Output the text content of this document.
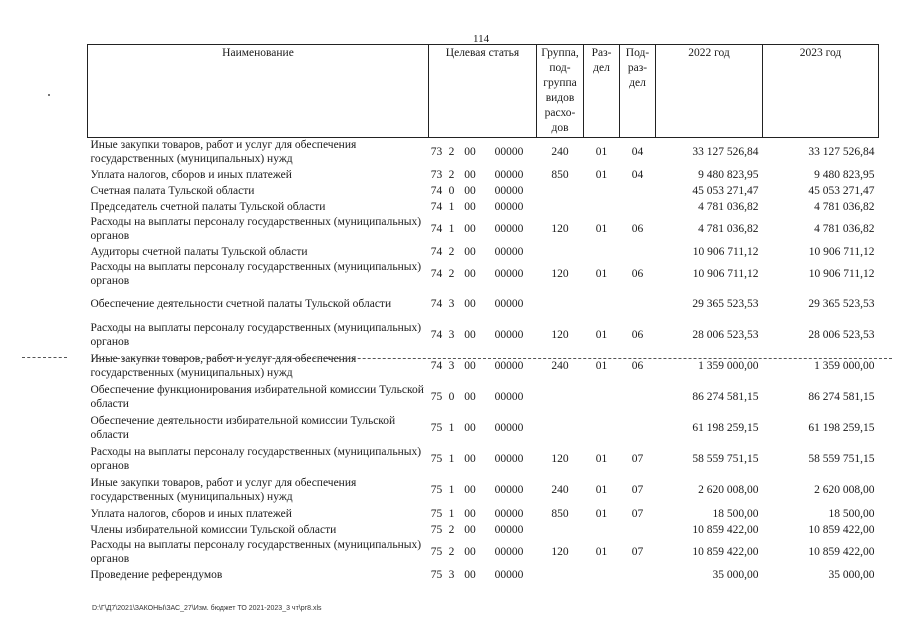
114
Наименование	Целевая статья				Группа, под-группа видов расхо-дов	Раз-дел	Под-раз-дел	2022 год	2023 год
Иные закупки товаров, работ и услуг для обеспечения государственных (муниципальных) нужд	73	2	00	00000	240	01	04	33 127 526,84	33 127 526,84
Уплата налогов, сборов и иных платежей	73	2	00	00000	850	01	04	9 480 823,95	9 480 823,95
Счетная палата Тульской области	74	0	00	00000				45 053 271,47	45 053 271,47
Председатель счетной палаты Тульской области	74	1	00	00000				4 781 036,82	4 781 036,82
Расходы на выплаты персоналу государственных (муниципальных) органов	74	1	00	00000	120	01	06	4 781 036,82	4 781 036,82
Аудиторы счетной палаты Тульской области	74	2	00	00000				10 906 711,12	10 906 711,12
Расходы на выплаты персоналу государственных (муниципальных) органов	74	2	00	00000	120	01	06	10 906 711,12	10 906 711,12
Обеспечение деятельности счетной палаты Тульской области	74	3	00	00000				29 365 523,53	29 365 523,53
Расходы на выплаты персоналу государственных (муниципальных) органов	74	3	00	00000	120	01	06	28 006 523,53	28 006 523,53
Иные закупки товаров, работ и услуг для обеспечения государственных (муниципальных) нужд	74	3	00	00000	240	01	06	1 359 000,00	1 359 000,00
Обеспечение функционирования избирательной комиссии Тульской области	75	0	00	00000				86 274 581,15	86 274 581,15
Обеспечение деятельности избирательной комиссии Тульской области	75	1	00	00000				61 198 259,15	61 198 259,15
Расходы на выплаты персоналу государственных (муниципальных) органов	75	1	00	00000	120	01	07	58 559 751,15	58 559 751,15
Иные закупки товаров, работ и услуг для обеспечения государственных (муниципальных) нужд	75	1	00	00000	240	01	07	2 620 008,00	2 620 008,00
Уплата налогов, сборов и иных платежей	75	1	00	00000	850	01	07	18 500,00	18 500,00
Члены избирательной комиссии Тульской области	75	2	00	00000				10 859 422,00	10 859 422,00
Расходы на выплаты персоналу государственных (муниципальных) органов	75	2	00	00000	120	01	07	10 859 422,00	10 859 422,00
Проведение референдумов	75	3	00	00000				35 000,00	35 000,00
D:\Г\Д7\2021\ЗАКОНЫ\ЗАС_27\Изм. бюджет ТО 2021-2023_3 чт\рг8.xls
